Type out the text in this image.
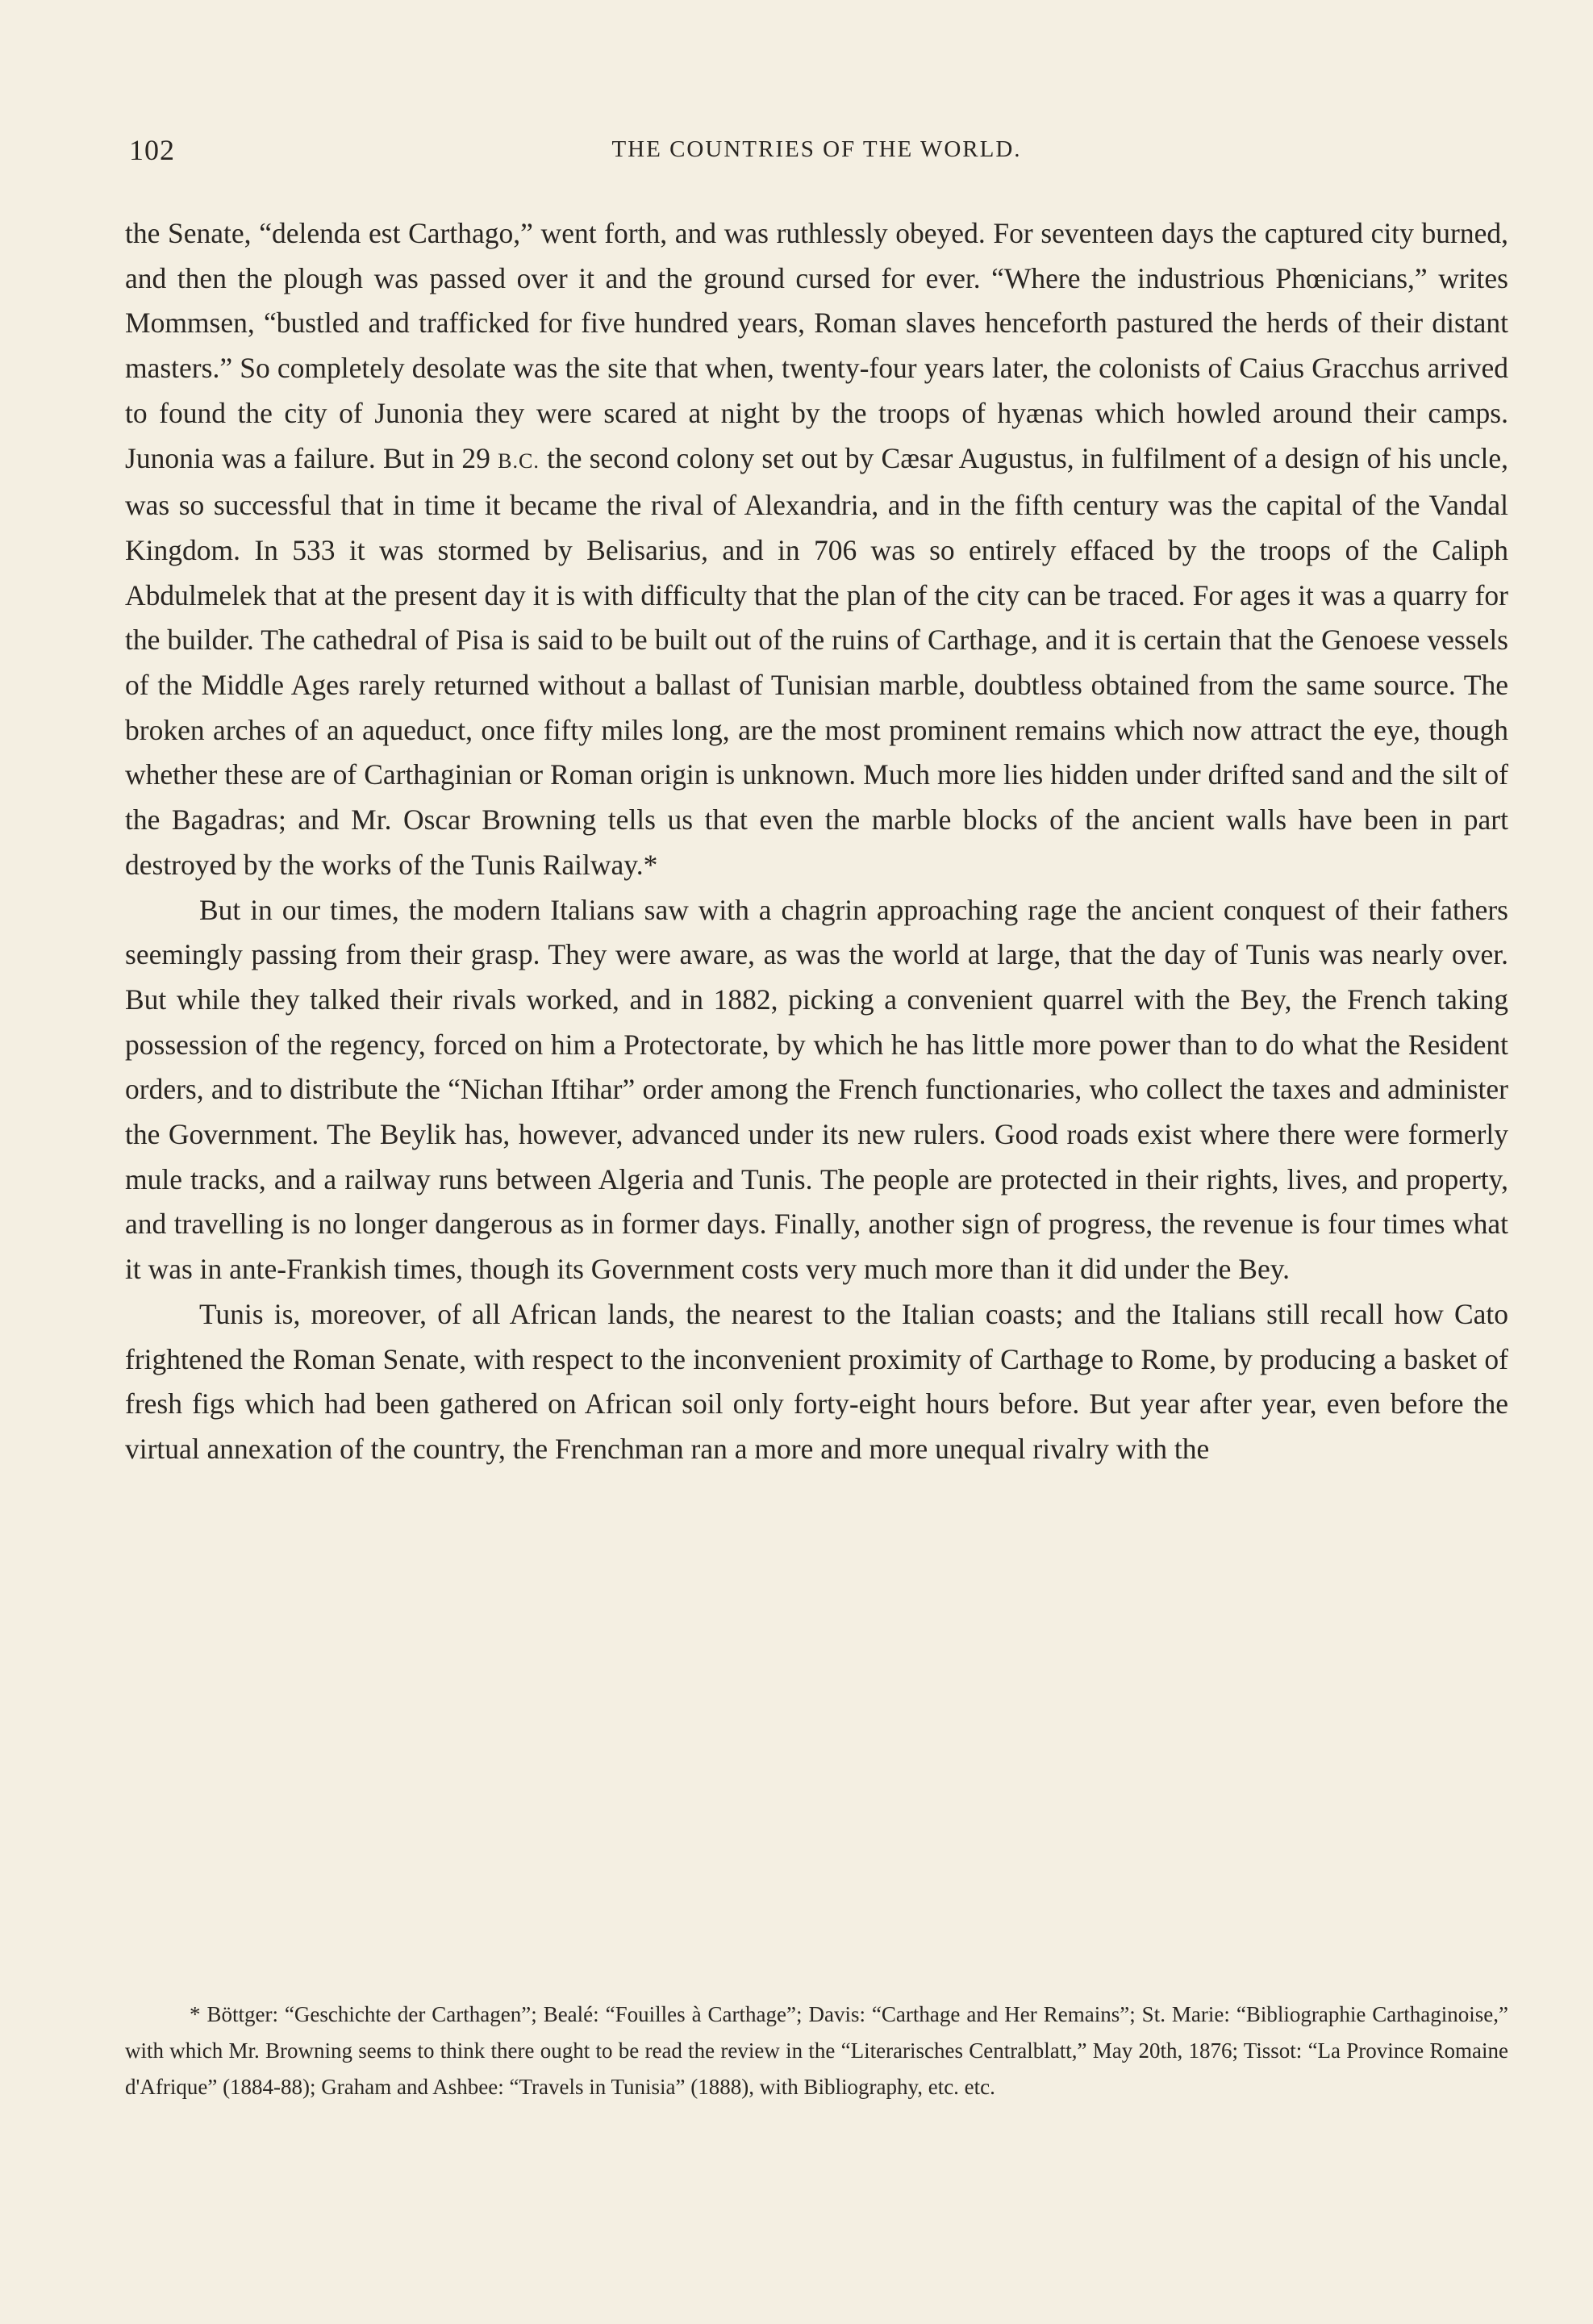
102	THE COUNTRIES OF THE WORLD.

the Senate, “delenda est Carthago,” went forth, and was ruthlessly obeyed. For seventeen days the captured city burned, and then the plough was passed over it and the ground cursed for ever. “Where the industrious Phœnicians,” writes Mommsen, “bustled and trafficked for five hundred years, Roman slaves henceforth pastured the herds of their distant masters.” So completely desolate was the site that when, twenty-four years later, the colonists of Caius Gracchus arrived to found the city of Junonia they were scared at night by the troops of hyænas which howled around their camps. Junonia was a failure. But in 29 B.C. the second colony set out by Cæsar Augustus, in fulfilment of a design of his uncle, was so successful that in time it became the rival of Alexandria, and in the fifth century was the capital of the Vandal Kingdom. In 533 it was stormed by Belisarius, and in 706 was so entirely effaced by the troops of the Caliph Abdulmelek that at the present day it is with difficulty that the plan of the city can be traced. For ages it was a quarry for the builder. The cathedral of Pisa is said to be built out of the ruins of Carthage, and it is certain that the Genoese vessels of the Middle Ages rarely returned without a ballast of Tunisian marble, doubtless obtained from the same source. The broken arches of an aqueduct, once fifty miles long, are the most prominent remains which now attract the eye, though whether these are of Carthaginian or Roman origin is unknown. Much more lies hidden under drifted sand and the silt of the Bagadras; and Mr. Oscar Browning tells us that even the marble blocks of the ancient walls have been in part destroyed by the works of the Tunis Railway.*

But in our times, the modern Italians saw with a chagrin approaching rage the ancient conquest of their fathers seemingly passing from their grasp. They were aware, as was the world at large, that the day of Tunis was nearly over. But while they talked their rivals worked, and in 1882, picking a convenient quarrel with the Bey, the French taking possession of the regency, forced on him a Protectorate, by which he has little more power than to do what the Resident orders, and to distribute the “Nichan Iftihar” order among the French functionaries, who collect the taxes and administer the Government. The Beylik has, however, advanced under its new rulers. Good roads exist where there were formerly mule tracks, and a railway runs between Algeria and Tunis. The people are protected in their rights, lives, and property, and travelling is no longer dangerous as in former days. Finally, another sign of progress, the revenue is four times what it was in ante-Frankish times, though its Government costs very much more than it did under the Bey.

Tunis is, moreover, of all African lands, the nearest to the Italian coasts; and the Italians still recall how Cato frightened the Roman Senate, with respect to the inconvenient proximity of Carthage to Rome, by producing a basket of fresh figs which had been gathered on African soil only forty-eight hours before. But year after year, even before the virtual annexation of the country, the Frenchman ran a more and more unequal rivalry with the

* Böttger: “Geschichte der Carthagen”; Bealé: “Fouilles à Carthage”; Davis: “Carthage and Her Remains”; St. Marie: “Bibliographie Carthaginoise,” with which Mr. Browning seems to think there ought to be read the review in the “Literarisches Centralblatt,” May 20th, 1876; Tissot: “La Province Romaine d'Afrique” (1884-88); Graham and Ashbee: “Travels in Tunisia” (1888), with Bibliography, etc. etc.
